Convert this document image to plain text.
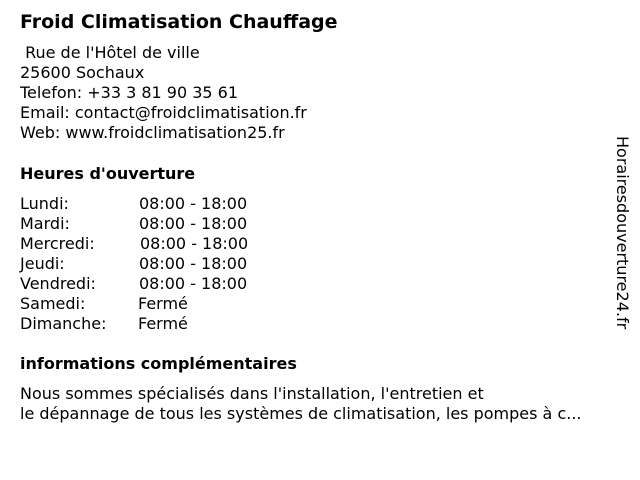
Froid Climatisation Chauffage
Rue de l'Hôtel de ville
25600 Sochaux
Telefon: +33 3 81 90 35 61
Email: contact@froidclimatisation.fr
Web: www.froidclimatisation25.fr
Heures d'ouverture
Lundi:	08:00 - 18:00
Mardi:	08:00 - 18:00
Mercredi:	08:00 - 18:00
Jeudi:	08:00 - 18:00
Vendredi:	08:00 - 18:00
Samedi:	Fermé
Dimanche: Fermé
informations complémentaires
Nous sommes spécialisés dans l'installation, l'entretien et
le dépannage de tous les systèmes de climatisation, les pompes à c...
Horairesdouverture24.fr
